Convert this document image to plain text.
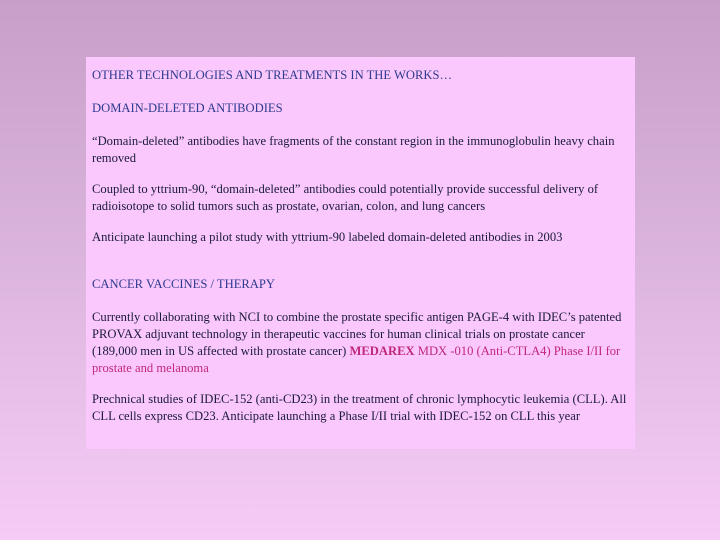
OTHER TECHNOLOGIES AND TREATMENTS IN THE WORKS…

DOMAIN-DELETED ANTIBODIES

“Domain-deleted” antibodies have fragments of the constant region in the immunoglobulin heavy chain removed

Coupled to yttrium-90, “domain-deleted” antibodies could potentially provide successful delivery of radioisotope to solid tumors such as prostate, ovarian, colon, and lung cancers

Anticipate launching a pilot study with yttrium-90 labeled domain-deleted antibodies in 2003

CANCER VACCINES / THERAPY

Currently collaborating with NCI to combine the prostate specific antigen PAGE-4 with IDEC’s patented PROVAX adjuvant technology in therapeutic vaccines for human clinical trials on prostate cancer (189,000 men in US affected with prostate cancer) MEDAREX MDX -010 (Anti-CTLA4) Phase I/II for prostate and melanoma

Prechnical studies of IDEC-152 (anti-CD23) in the treatment of chronic lymphocytic leukemia (CLL). All CLL cells express CD23. Anticipate launching a Phase I/II trial with IDEC-152 on CLL this year
